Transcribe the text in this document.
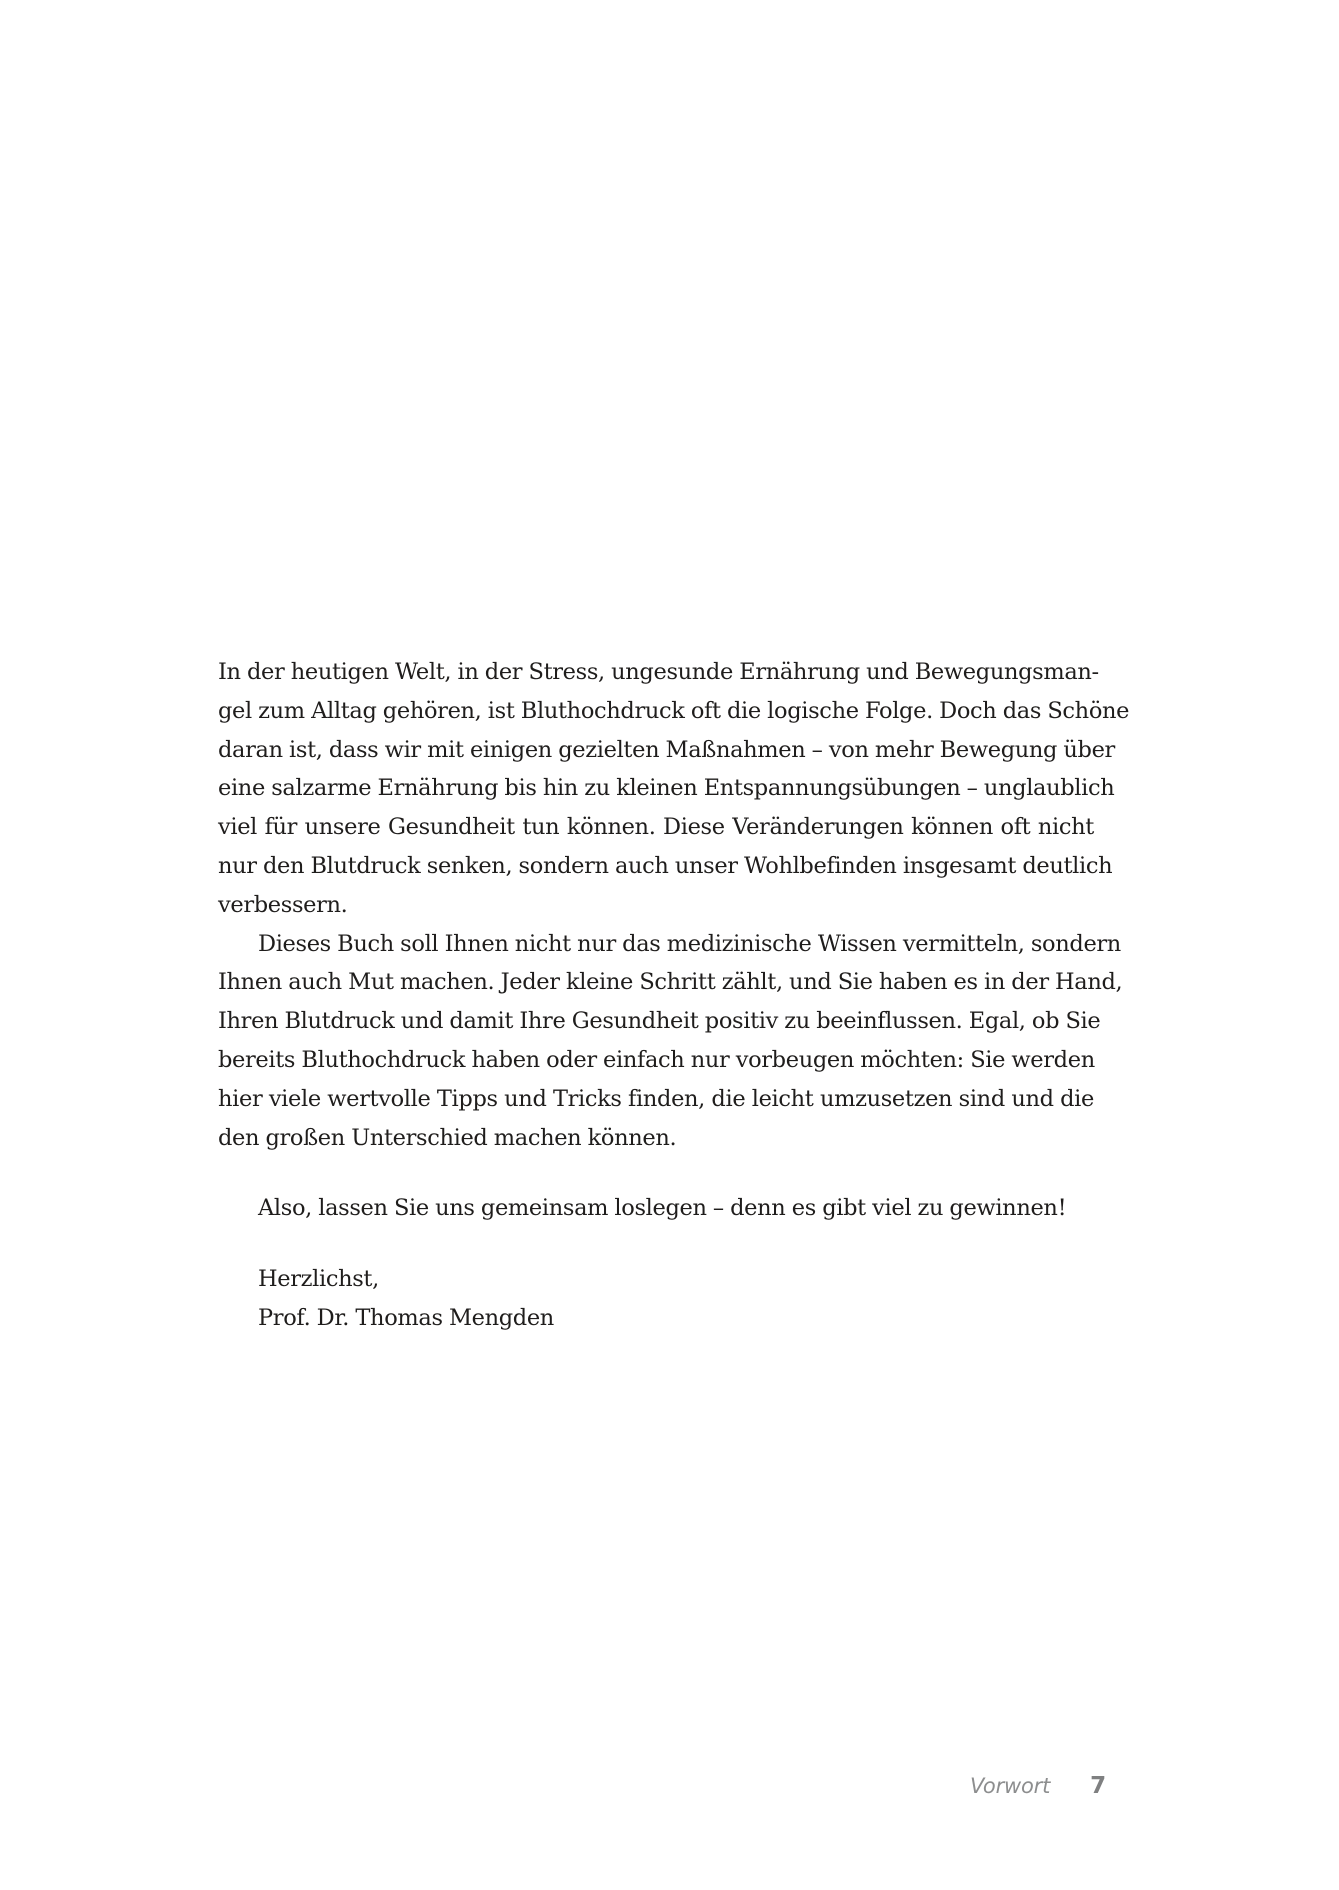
In der heutigen Welt, in der Stress, ungesunde Ernährung und Bewegungsman-
gel zum Alltag gehören, ist Bluthochdruck oft die logische Folge. Doch das Schöne
daran ist, dass wir mit einigen gezielten Maßnahmen – von mehr Bewegung über
eine salzarme Ernährung bis hin zu kleinen Entspannungsübungen – unglaublich
viel für unsere Gesundheit tun können. Diese Veränderungen können oft nicht
nur den Blutdruck senken, sondern auch unser Wohlbefinden insgesamt deutlich
verbessern.
Dieses Buch soll Ihnen nicht nur das medizinische Wissen vermitteln, sondern
Ihnen auch Mut machen. Jeder kleine Schritt zählt, und Sie haben es in der Hand,
Ihren Blutdruck und damit Ihre Gesundheit positiv zu beeinflussen. Egal, ob Sie
bereits Bluthochdruck haben oder einfach nur vorbeugen möchten: Sie werden
hier viele wertvolle Tipps und Tricks finden, die leicht umzusetzen sind und die
den großen Unterschied machen können.
Also, lassen Sie uns gemeinsam loslegen – denn es gibt viel zu gewinnen!
Herzlichst,
Prof. Dr. Thomas Mengden
Vorwort 7
